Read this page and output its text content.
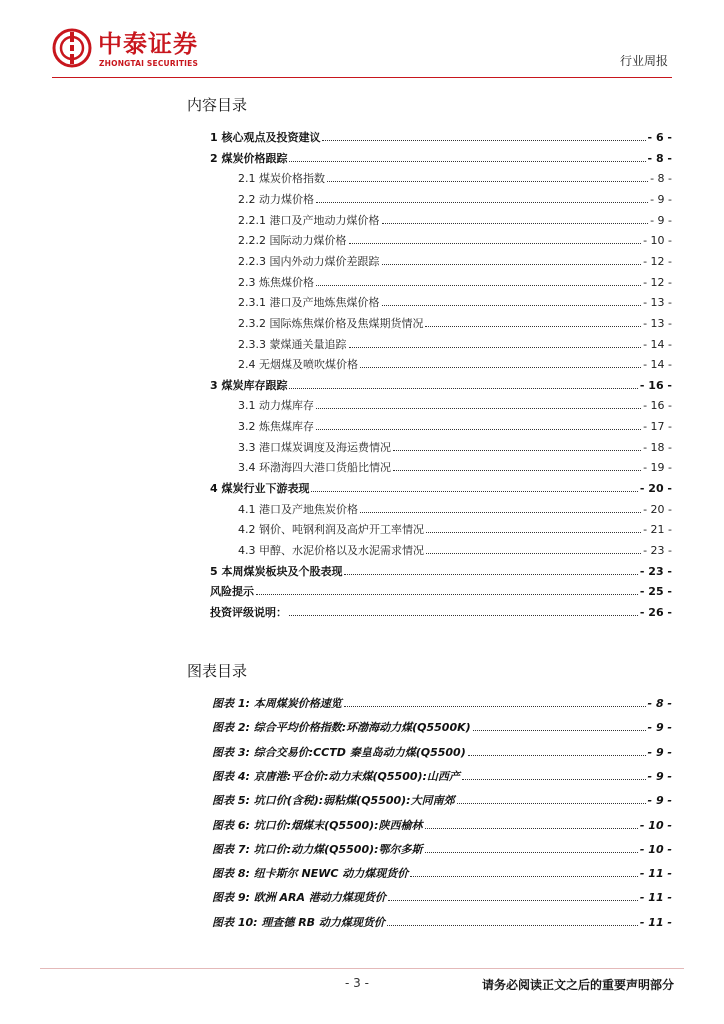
中泰证券
ZHONGTAI SECURITIES	行业周报
内容目录
1 核心观点及投资建议	- 6 -
2 煤炭价格跟踪	- 8 -
2.1 煤炭价格指数	- 8 -
2.2 动力煤价格	- 9 -
2.2.1 港口及产地动力煤价格	- 9 -
2.2.2 国际动力煤价格	- 10 -
2.2.3 国内外动力煤价差跟踪	- 12 -
2.3 炼焦煤价格	- 12 -
2.3.1 港口及产地炼焦煤价格	- 13 -
2.3.2 国际炼焦煤价格及焦煤期货情况	- 13 -
2.3.3 蒙煤通关量追踪	- 14 -
2.4 无烟煤及喷吹煤价格	- 14 -
3 煤炭库存跟踪	- 16 -
3.1 动力煤库存	- 16 -
3.2 炼焦煤库存	- 17 -
3.3 港口煤炭调度及海运费情况	- 18 -
3.4 环渤海四大港口货船比情况	- 19 -
4 煤炭行业下游表现	- 20 -
4.1 港口及产地焦炭价格	- 20 -
4.2 钢价、吨钢利润及高炉开工率情况	- 21 -
4.3 甲醇、水泥价格以及水泥需求情况	- 23 -
5 本周煤炭板块及个股表现	- 23 -
风险提示	- 25 -
投资评级说明：	- 26 -
图表目录
图表 1: 本周煤炭价格速览	- 8 -
图表 2: 综合平均价格指数:环渤海动力煤(Q5500K)	- 9 -
图表 3: 综合交易价:CCTD 秦皇岛动力煤(Q5500)	- 9 -
图表 4: 京唐港:平仓价:动力末煤(Q5500):山西产	- 9 -
图表 5: 坑口价(含税):弱粘煤(Q5500):大同南郊	- 9 -
图表 6: 坑口价:烟煤末(Q5500):陕西榆林	- 10 -
图表 7: 坑口价:动力煤(Q5500):鄂尔多斯	- 10 -
图表 8: 纽卡斯尔 NEWC 动力煤现货价	- 11 -
图表 9: 欧洲 ARA 港动力煤现货价	- 11 -
图表 10: 理查德 RB 动力煤现货价	- 11 -
- 3 -	请务必阅读正文之后的重要声明部分
